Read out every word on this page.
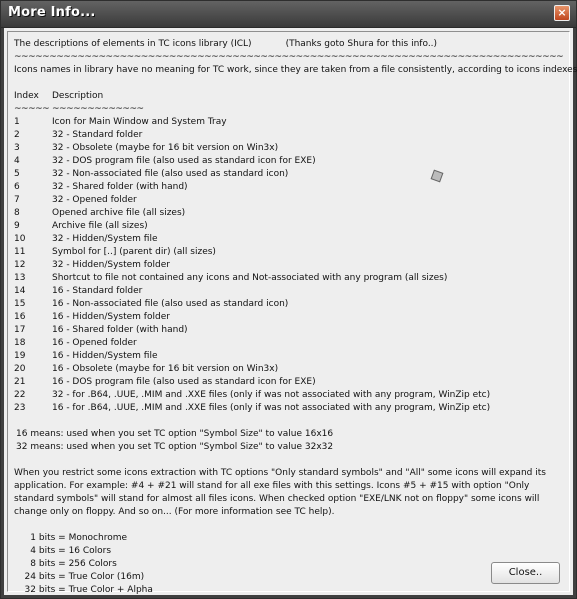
More Info...	×
The descriptions of elements in TC icons library (ICL)	(Thanks goto Shura for this info..)
~~~~~~~~~~~~~~~~~~~~~~~~~~~~~~~~~~~~~~~~~~~~~~~~~~~~~~~~~~~~~~~~~~~~~~~~~~~~~~
Icons names in library have no meaning for TC work, since they are taken from a file consistently, according to icons indexes
Index Description
~~~~~ ~~~~~~~~~~~~~
1	Icon for Main Window and System Tray
2	32 - Standard folder
3	32 - Obsolete (maybe for 16 bit version on Win3x)
4	32 - DOS program file (also used as standard icon for EXE)
5	32 - Non-associated file (also used as standard icon)
6	32 - Shared folder (with hand)
7	32 - Opened folder
8	Opened archive file (all sizes)
9	Archive file (all sizes)
10	32 - Hidden/System file
11	Symbol for [..] (parent dir) (all sizes)
12	32 - Hidden/System folder
13	Shortcut to file not contained any icons and Not-associated with any program (all sizes)
14	16 - Standard folder
15	16 - Non-associated file (also used as standard icon)
16	16 - Hidden/System folder
17	16 - Shared folder (with hand)
18	16 - Opened folder
19	16 - Hidden/System file
20	16 - Obsolete (maybe for 16 bit version on Win3x)
21	16 - DOS program file (also used as standard icon for EXE)
22	32 - for .B64, .UUE, .MIM and .XXE files (only if was not associated with any program, WinZip etc)
23	16 - for .B64, .UUE, .MIM and .XXE files (only if was not associated with any program, WinZip etc)
16 means: used when you set TC option "Symbol Size" to value 16x16
32 means: used when you set TC option "Symbol Size" to value 32x32
When you restrict some icons extraction with TC options "Only standard symbols" and "All" some icons will expand its application. For example: #4 + #21 will stand for all exe files with this settings. Icons #5 + #15 with option "Only standard symbols" will stand for almost all files icons. When checked option "EXE/LNK not on floppy" some icons will change only on floppy. And so on... (For more information see TC help).
1 bits = Monochrome
4 bits = 16 Colors
8 bits = 256 Colors
24 bits = True Color (16m)
32 bits = True Color + Alpha
Close..
